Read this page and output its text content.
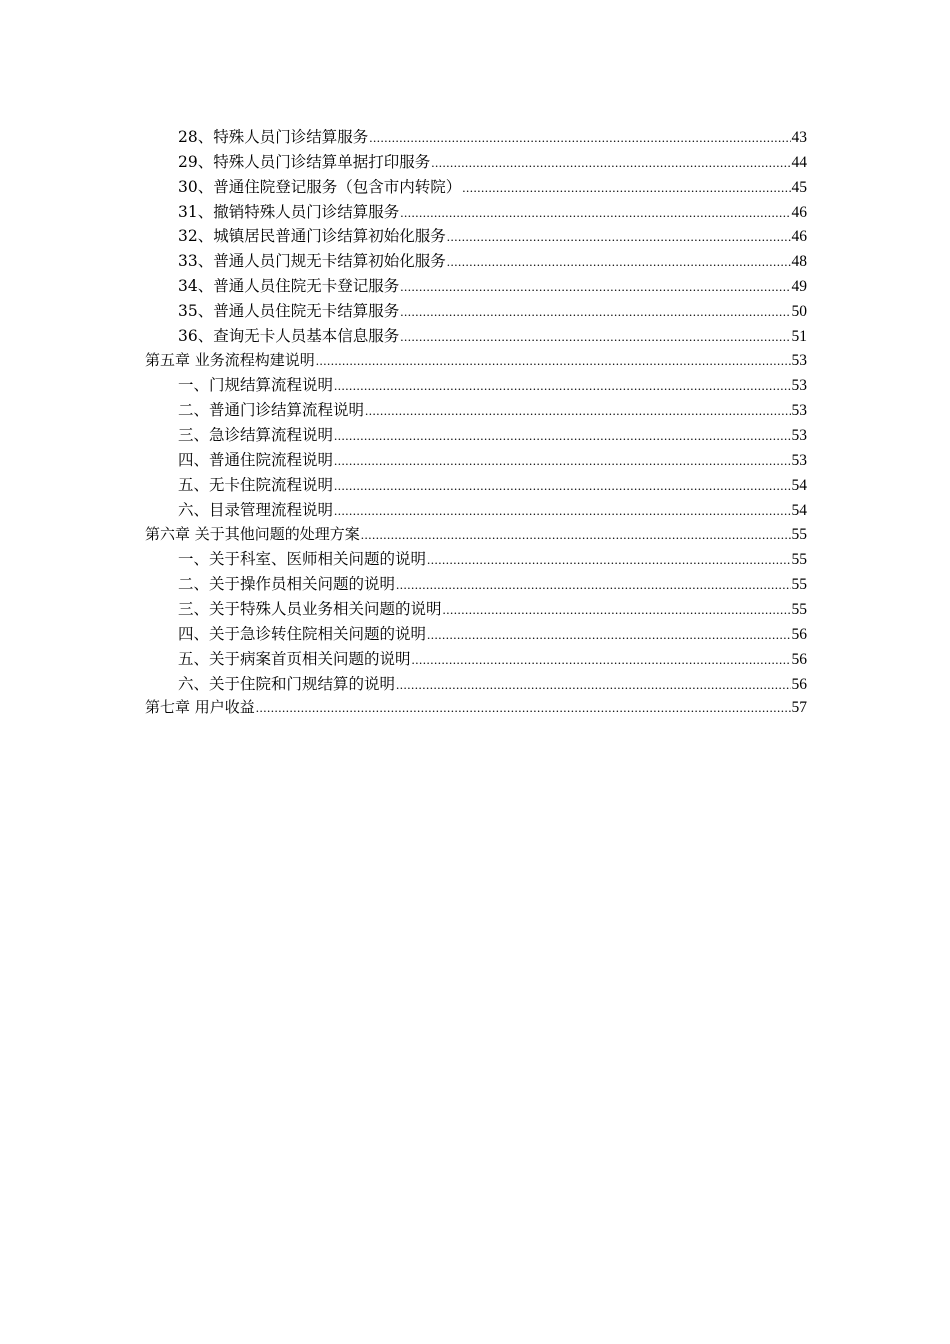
28、特殊人员门诊结算服务 .....	43
29、特殊人员门诊结算单据打印服务 .....	44
30、普通住院登记服务（包含市内转院） .....	45
31、撤销特殊人员门诊结算服务 .....	46
32、城镇居民普通门诊结算初始化服务 .....	46
33、普通人员门规无卡结算初始化服务 .....	48
34、普通人员住院无卡登记服务 .....	49
35、普通人员住院无卡结算服务 .....	50
36、查询无卡人员基本信息服务 .....	51
第五章 业务流程构建说明 .....	53
一、门规结算流程说明 .....	53
二、普通门诊结算流程说明 .....	53
三、急诊结算流程说明 .....	53
四、普通住院流程说明 .....	53
五、无卡住院流程说明 .....	54
六、目录管理流程说明 .....	54
第六章 关于其他问题的处理方案 .....	55
一、关于科室、医师相关问题的说明 .....	55
二、关于操作员相关问题的说明 .....	55
三、关于特殊人员业务相关问题的说明 .....	55
四、关于急诊转住院相关问题的说明 .....	56
五、关于病案首页相关问题的说明 .....	56
六、关于住院和门规结算的说明 .....	56
第七章 用户收益 .....	57
